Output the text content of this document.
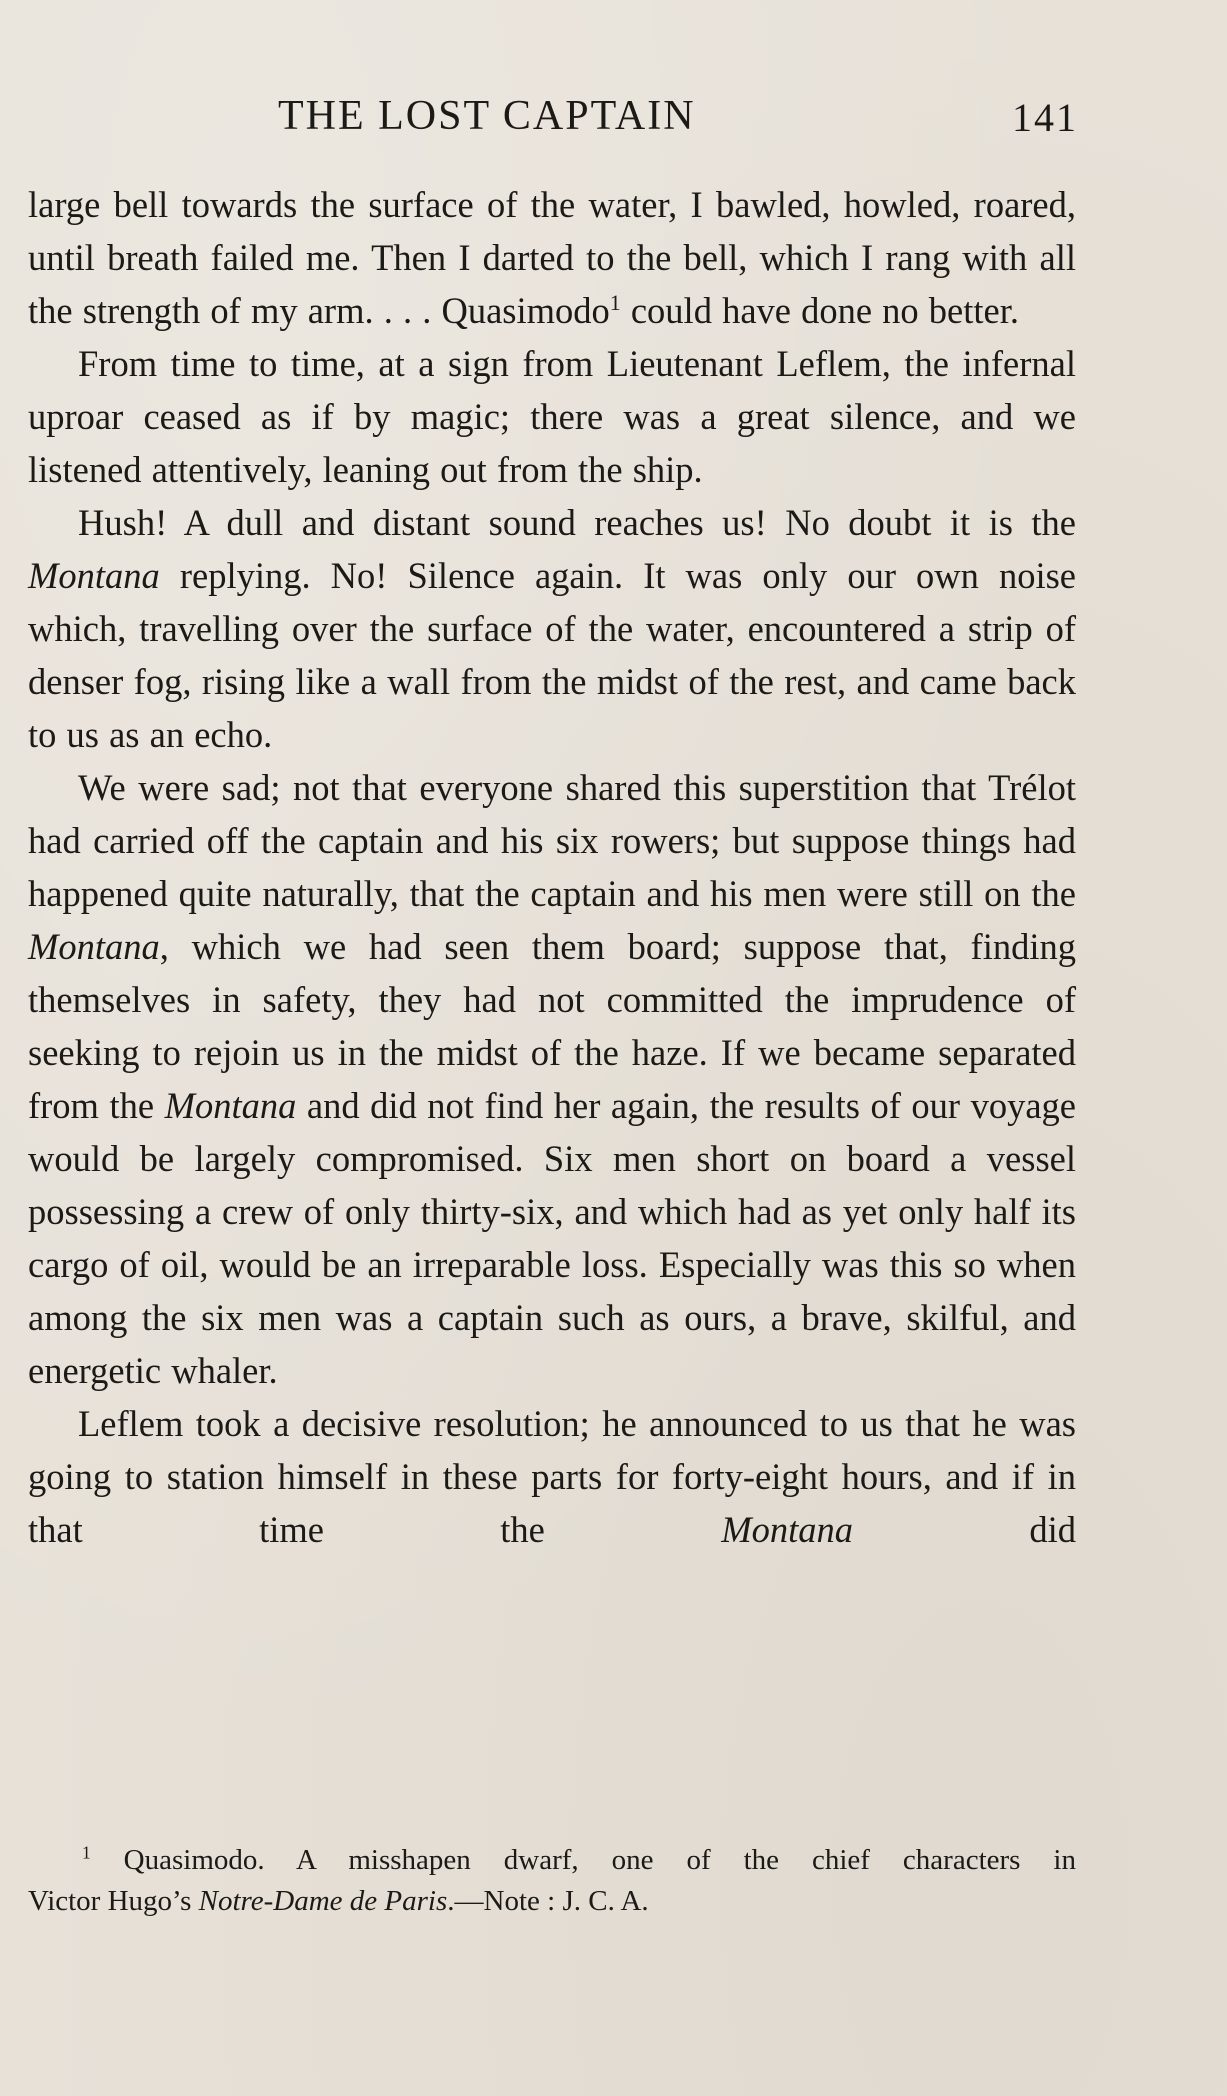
THE LOST CAPTAIN	141

large bell towards the surface of the water, I bawled, howled, roared, until breath failed me. Then I darted to the bell, which I rang with all the strength of my arm. . . . Quasimodo$^1$ could have done no better.

From time to time, at a sign from Lieutenant Leflem, the infernal uproar ceased as if by magic; there was a great silence, and we listened attentively, leaning out from the ship.

Hush! A dull and distant sound reaches us! No doubt it is the Montana replying. No! Silence again. It was only our own noise which, travelling over the surface of the water, encountered a strip of denser fog, rising like a wall from the midst of the rest, and came back to us as an echo.

We were sad; not that everyone shared this superstition that Trélot had carried off the captain and his six rowers; but suppose things had happened quite naturally, that the captain and his men were still on the Montana, which we had seen them board; suppose that, finding themselves in safety, they had not committed the imprudence of seeking to rejoin us in the midst of the haze. If we became separated from the Montana and did not find her again, the results of our voyage would be largely compromised. Six men short on board a vessel possessing a crew of only thirty-six, and which had as yet only half its cargo of oil, would be an irreparable loss. Especially was this so when among the six men was a captain such as ours, a brave, skilful, and energetic whaler.

Leflem took a decisive resolution; he announced to us that he was going to station himself in these parts for forty-eight hours, and if in that time the Montana did

$^1$ Quasimodo. A misshapen dwarf, one of the chief characters in
Victor Hugo’s Notre-Dame de Paris.—Note : J. C. A.
